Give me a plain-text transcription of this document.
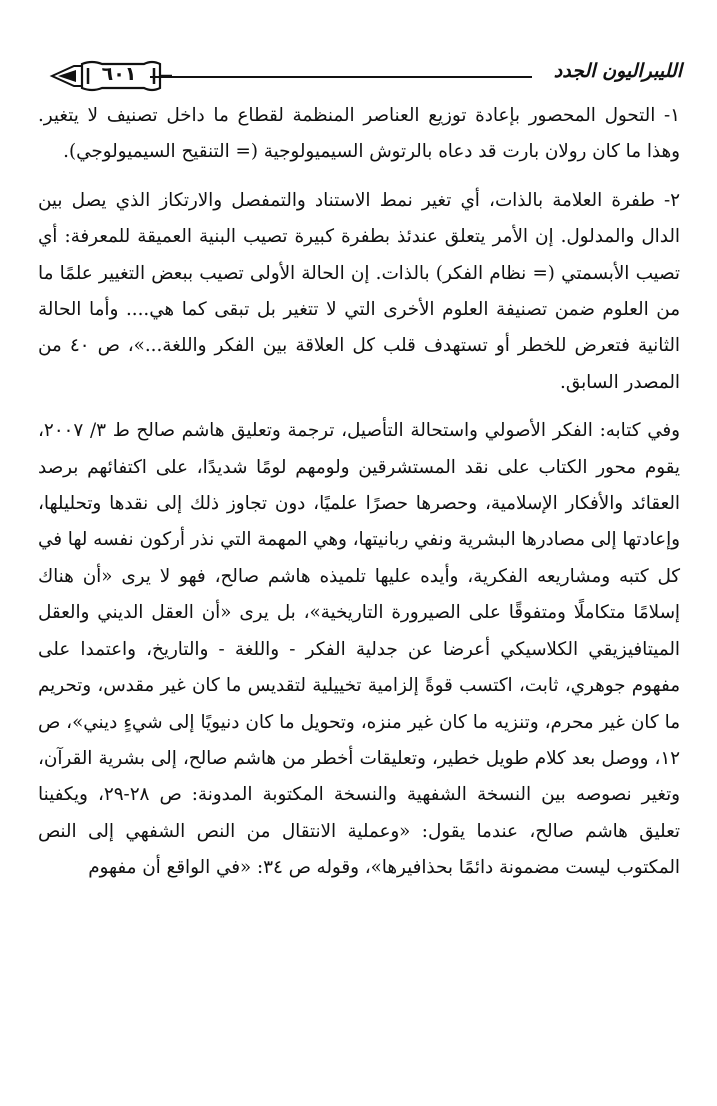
الليبراليون الجدد
٦٠١

١- التحول المحصور بإعادة توزيع العناصر المنظمة لقطاع ما داخل تصنيف لا يتغير. وهذا ما كان رولان بارت قد دعاه بالرتوش السيميولوجية (= التنقيح السيميولوجي).

٢- طفرة العلامة بالذات، أي تغير نمط الاستناد والتمفصل والارتكاز الذي يصل بين الدال والمدلول. إن الأمر يتعلق عندئذ بطفرة كبيرة تصيب البنية العميقة للمعرفة: أي تصيب الأبسمتي (= نظام الفكر) بالذات. إن الحالة الأولى تصيب ببعض التغيير علمًا ما من العلوم ضمن تصنيفة العلوم الأخرى التي لا تتغير بل تبقى كما هي.... وأما الحالة الثانية فتعرض للخطر أو تستهدف قلب كل العلاقة بين الفكر واللغة...»، ص ٤٠ من المصدر السابق.

وفي كتابه: الفكر الأصولي واستحالة التأصيل، ترجمة وتعليق هاشم صالح ط ٣/ ٢٠٠٧، يقوم محور الكتاب على نقد المستشرقين ولومهم لومًا شديدًا، على اكتفائهم برصد العقائد والأفكار الإسلامية، وحصرها حصرًا علميًا، دون تجاوز ذلك إلى نقدها وتحليلها، وإعادتها إلى مصادرها البشرية ونفي ربانيتها، وهي المهمة التي نذر أركون نفسه لها في كل كتبه ومشاريعه الفكرية، وأيده عليها تلميذه هاشم صالح، فهو لا يرى «أن هناك إسلامًا متكاملًا ومتفوقًا على الصيرورة التاريخية»، بل يرى «أن العقل الديني والعقل الميتافيزيقي الكلاسيكي أعرضا عن جدلية الفكر - واللغة - والتاريخ، واعتمدا على مفهوم جوهري، ثابت، اكتسب قوةً إلزامية تخييلية لتقديس ما كان غير مقدس، وتحريم ما كان غير محرم، وتنزيه ما كان غير منزه، وتحويل ما كان دنيويًا إلى شيءٍ ديني»، ص ١٢، ووصل بعد كلام طويل خطير، وتعليقات أخطر من هاشم صالح، إلى بشرية القرآن، وتغير نصوصه بين النسخة الشفهية والنسخة المكتوبة المدونة: ص ٢٨-٢٩، ويكفينا تعليق هاشم صالح، عندما يقول: «وعملية الانتقال من النص الشفهي إلى النص المكتوب ليست مضمونة دائمًا بحذافيرها»، وقوله ص ٣٤: «في الواقع أن مفهوم
